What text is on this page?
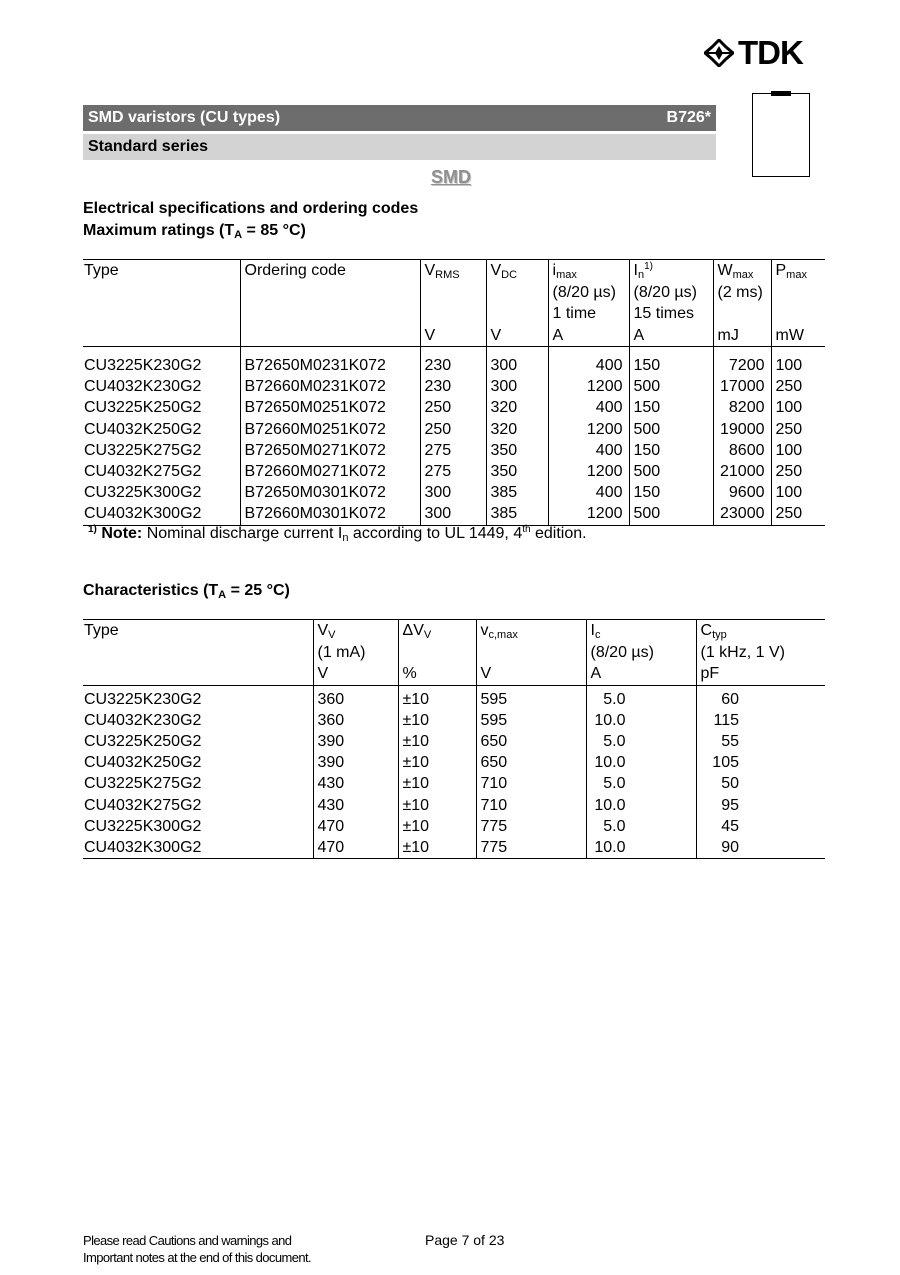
TDK
SMD varistors (CU types)	B726*
Standard series
SMD
Electrical specifications and ordering codes
Maximum ratings ($T_A = 85$ °C)
Type	Ordering code	$V_{RMS}$	$V_{DC}$	$i_{max}$	$I_n^{1)}$	$W_{max}$	$P_{max}$
				(8/20 µs)	(8/20 µs)	(2 ms)	
				1 time	15 times		
		V	V	A	A	mJ	mW

CU3225K230G2	B72650M0231K072	230	300	400	150	7200	100
CU4032K230G2	B72660M0231K072	230	300	1200	500	17000	250
CU3225K250G2	B72650M0251K072	250	320	400	150	8200	100
CU4032K250G2	B72660M0251K072	250	320	1200	500	19000	250
CU3225K275G2	B72650M0271K072	275	350	400	150	8600	100
CU4032K275G2	B72660M0271K072	275	350	1200	500	21000	250
CU3225K300G2	B72650M0301K072	300	385	400	150	9600	100
CU4032K300G2	B72660M0301K072	300	385	1200	500	23000	250
$^{1)}$ Note: Nominal discharge current $I_n$ according to UL 1449, 4th edition.
Characteristics ($T_A = 25$ °C)
Type	$V_V$	$\Delta V_V$	$v_{c,max}$	$I_c$	$C_{typ}$
	(1 mA)			(8/20 µs)	(1 kHz, 1 V)
	V	%	V	A	pF

CU3225K230G2	360	±10	595	5.0	60
CU4032K230G2	360	±10	595	10.0	115
CU3225K250G2	390	±10	650	5.0	55
CU4032K250G2	390	±10	650	10.0	105
CU3225K275G2	430	±10	710	5.0	50
CU4032K275G2	430	±10	710	10.0	95
CU3225K300G2	470	±10	775	5.0	45
CU4032K300G2	470	±10	775	10.0	90
Please read Cautions and warnings and
Important notes at the end of this document.
Page 7 of 23
